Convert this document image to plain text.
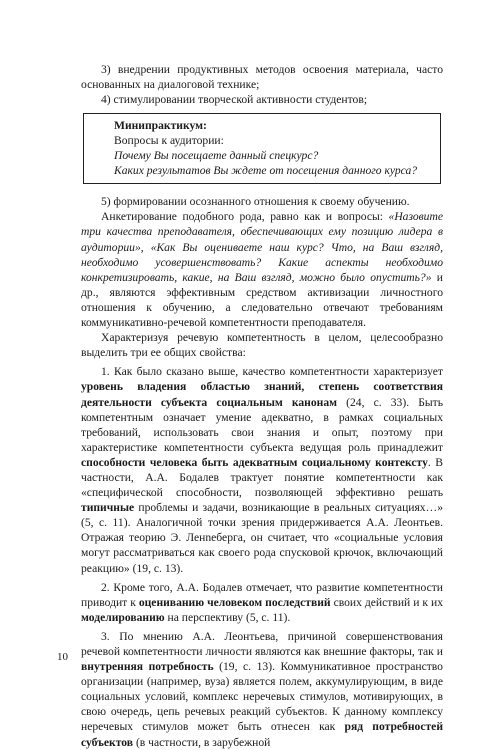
3) внедрении продуктивных методов освоения материала, часто основанных на диалоговой технике;

4) стимулировании творческой активности студентов;

Минипрактикум:

Вопросы к аудитории:

Почему Вы посещаете данный спецкурс?

Каких результатов Вы ждете от посещения данного курса?

5) формировании осознанного отношения к своему обучению.

Анкетирование подобного рода, равно как и вопросы: «Назовите три качества преподавателя, обеспечивающих ему позицию лидера в аудитории», «Как Вы оцениваете наш курс? Что, на Ваш взгляд, необходимо усовершенствовать? Какие аспекты необходимо конкретизировать, какие, на Ваш взгляд, можно было опустить?» и др., являются эффективным средством активизации личностного отношения к обучению, а следовательно отвечают требованиям коммуникативно-речевой компетентности преподавателя.

Характеризуя речевую компетентность в целом, целесообразно выделить три ее общих свойства:

1. Как было сказано выше, качество компетентности характеризует уровень владения областью знаний, степень соответствия деятельности субъекта социальным канонам (24, с. 33). Быть компетентным означает умение адекватно, в рамках социальных требований, использовать свои знания и опыт, поэтому при характеристике компетентности субъекта ведущая роль принадлежит способности человека быть адекватным социальному контексту. В частности, А.А. Бодалев трактует понятие компетентности как «специфической способности, позволяющей эффективно решать типичные проблемы и задачи, возникающие в реальных ситуациях…» (5, с. 11). Аналогичной точки зрения придерживается А.А. Леонтьев. Отражая теорию Э. Ленneберга, он считает, что «социальные условия могут рассматриваться как своего рода спусковой крючок, включающий реакцию» (19, с. 13).

2. Кроме того, А.А. Бодалев отмечает, что развитие компетентности приводит к оцениванию человеком последствий своих действий и к их моделированию на перспективу (5, с. 11).

3. По мнению А.А. Леонтьева, причиной совершенствования речевой компетентности личности являются как внешние факторы, так и внутренняя потребность (19, с. 13). Коммуникативное пространство организации (например, вуза) является полем, аккумулирующим, в виде социальных условий, комплекс неречевых стимулов, мотивирующих, в свою очередь, цепь речевых реакций субъектов. К данному комплексу неречевых стимулов может быть отнесен как ряд потребностей субъектов (в частности, в зарубежной

10
